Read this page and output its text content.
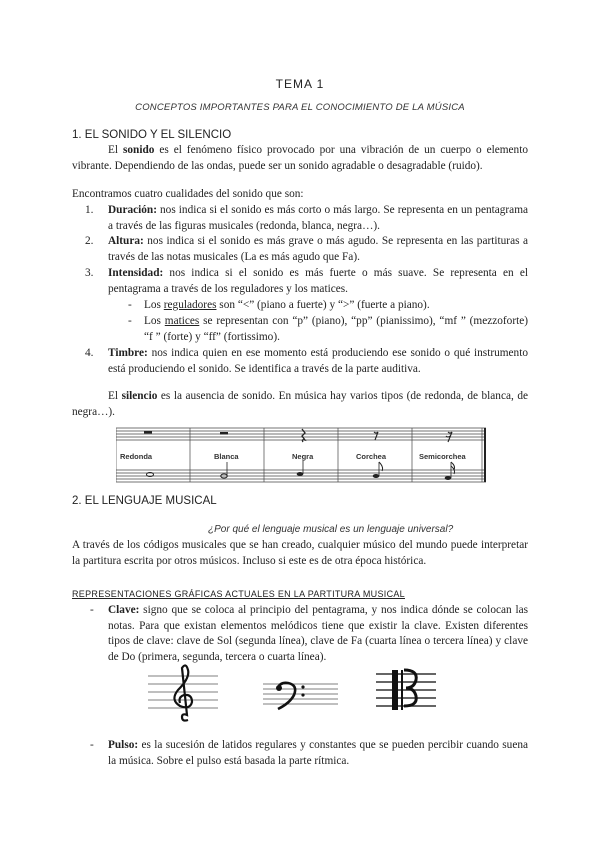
TEMA 1
CONCEPTOS IMPORTANTES PARA EL CONOCIMIENTO DE LA MÚSICA
1. EL SONIDO Y EL SILENCIO
El sonido es el fenómeno físico provocado por una vibración de un cuerpo o elemento vibrante. Dependiendo de las ondas, puede ser un sonido agradable o desagradable (ruido).
Encontramos cuatro cualidades del sonido que son:
1. Duración: nos indica si el sonido es más corto o más largo. Se representa en un pentagrama a través de las figuras musicales (redonda, blanca, negra…).
2. Altura: nos indica si el sonido es más grave o más agudo. Se representa en las partituras a través de las notas musicales (La es más agudo que Fa).
3. Intensidad: nos indica si el sonido es más fuerte o más suave. Se representa en el pentagrama a través de los reguladores y los matices.
- Los reguladores son “<” (piano a fuerte) y “>” (fuerte a piano).
- Los matices se representan con “p” (piano), “pp” (pianissimo), “mf ” (mezzoforte) “f ” (forte) y “ff” (fortissimo).
4. Timbre: nos indica quien en ese momento está produciendo ese sonido o qué instrumento está produciendo el sonido. Se identifica a través de la parte auditiva.
El silencio es la ausencia de sonido. En música hay varios tipos (de redonda, de blanca, de negra…).
Redonda	Blanca	Negra	Corchea	Semicorchea
2. EL LENGUAJE MUSICAL
¿Por qué el lenguaje musical es un lenguaje universal?
A través de los códigos musicales que se han creado, cualquier músico del mundo puede interpretar la partitura escrita por otros músicos. Incluso si este es de otra época histórica.
REPRESENTACIONES GRÁFICAS ACTUALES EN LA PARTITURA MUSICAL
- Clave: signo que se coloca al principio del pentagrama, y nos indica dónde se colocan las notas. Para que existan elementos melódicos tiene que existir la clave. Existen diferentes tipos de clave: clave de Sol (segunda línea), clave de Fa (cuarta línea o tercera línea) y clave de Do (primera, segunda, tercera o cuarta línea).
- Pulso: es la sucesión de latidos regulares y constantes que se pueden percibir cuando suena la música. Sobre el pulso está basada la parte rítmica.
